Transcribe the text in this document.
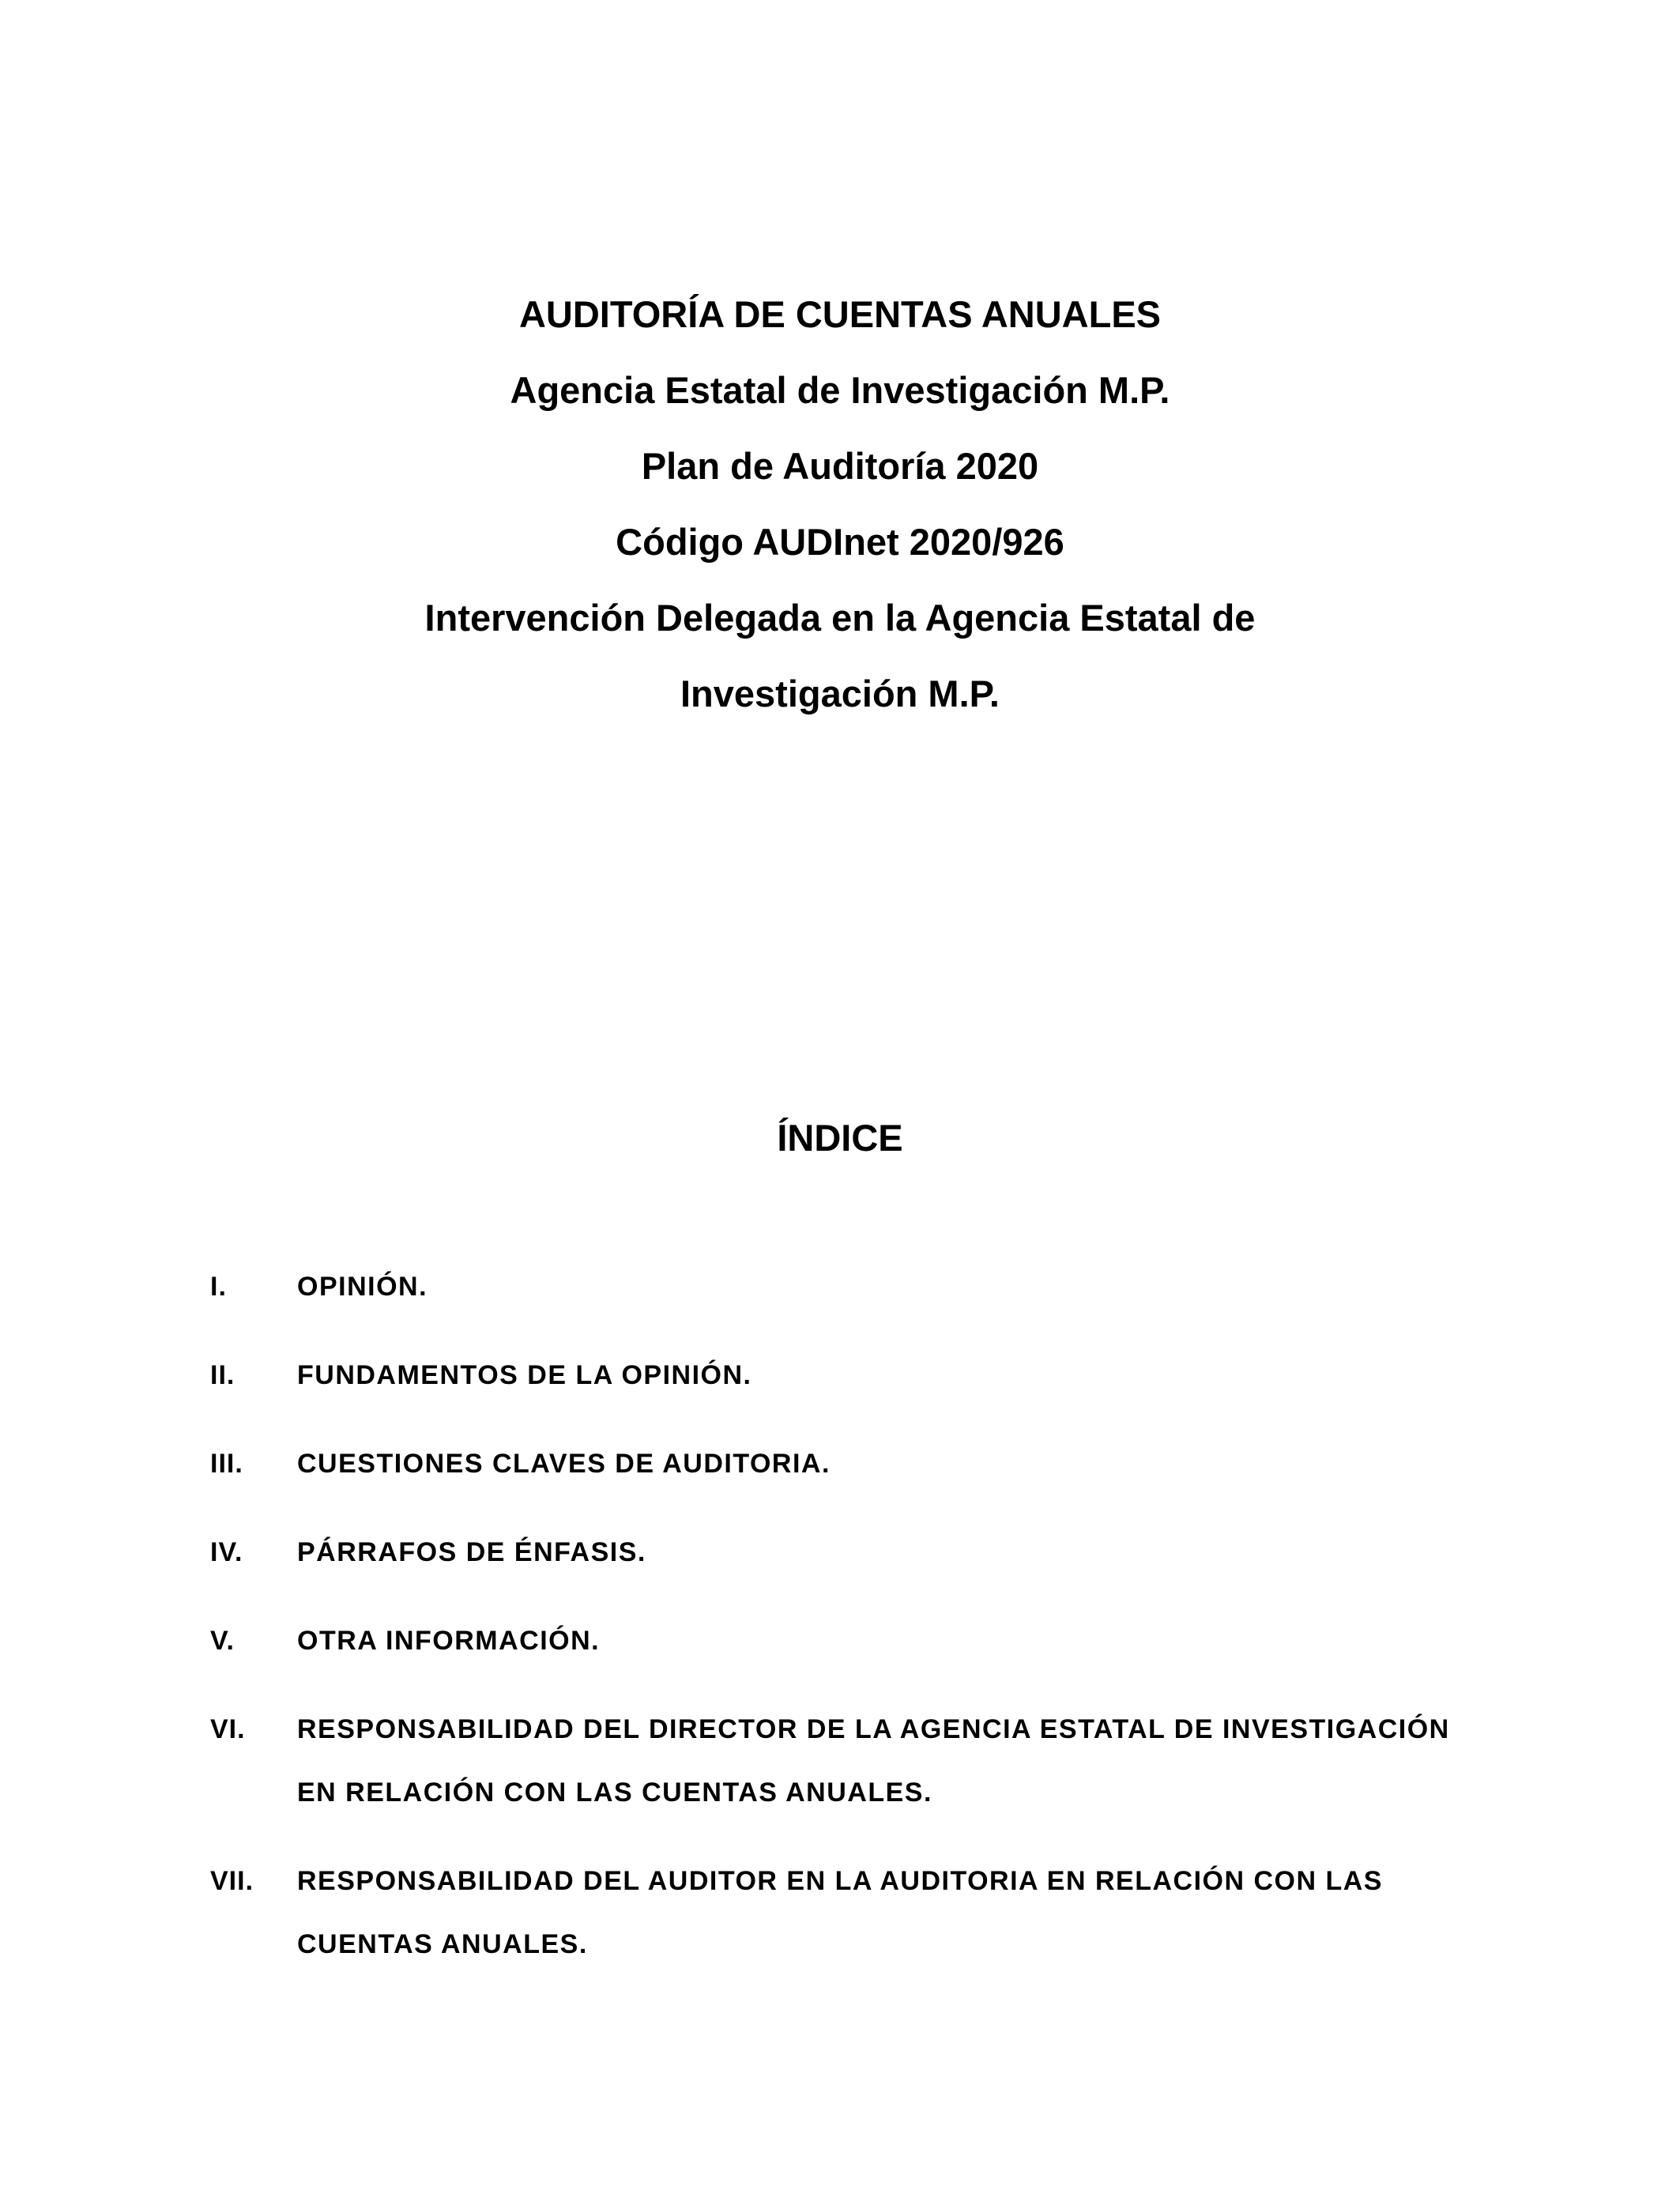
AUDITORÍA DE CUENTAS ANUALES
Agencia Estatal de Investigación M.P.
Plan de Auditoría 2020
Código AUDInet 2020/926
Intervención Delegada en la Agencia Estatal de
Investigación M.P.
ÍNDICE
I.	OPINIÓN.
II.	FUNDAMENTOS DE LA OPINIÓN.
III.	CUESTIONES CLAVES DE AUDITORIA.
IV.	PÁRRAFOS DE ÉNFASIS.
V.	OTRA INFORMACIÓN.
VI.	RESPONSABILIDAD DEL DIRECTOR DE LA AGENCIA ESTATAL DE INVESTIGACIÓN EN RELACIÓN CON LAS CUENTAS ANUALES.
VII.	RESPONSABILIDAD DEL AUDITOR EN LA AUDITORIA EN RELACIÓN CON LAS CUENTAS ANUALES.
